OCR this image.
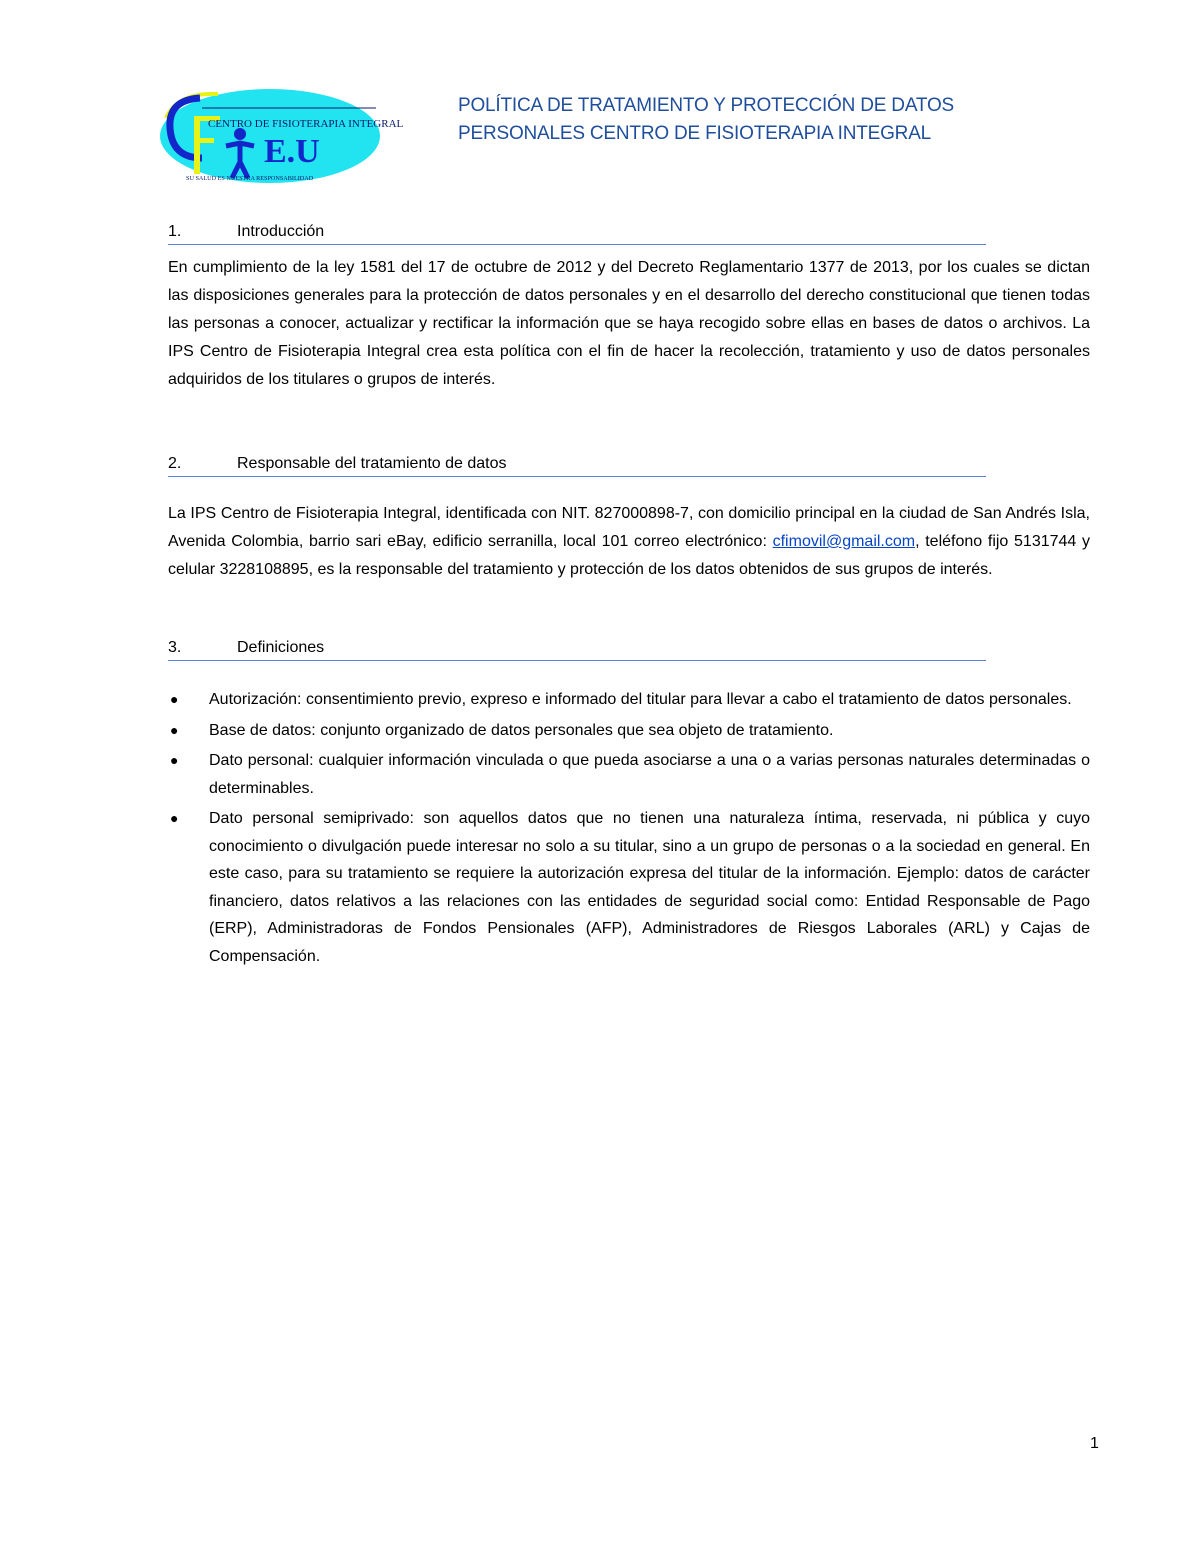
CENTRO DE FISIOTERAPIA INTEGRAL
E.U
SU SALUD ES NUESTRA RESPONSABILIDAD
POLÍTICA DE TRATAMIENTO Y PROTECCIÓN DE DATOS
PERSONALES CENTRO DE FISIOTERAPIA INTEGRAL
1.	Introducción

En cumplimiento de la ley 1581 del 17 de octubre de 2012 y del Decreto Reglamentario 1377 de 2013, por los cuales se dictan las disposiciones generales para la protección de datos personales y en el desarrollo del derecho constitucional que tienen todas las personas a conocer, actualizar y rectificar la información que se haya recogido sobre ellas en bases de datos o archivos. La IPS Centro de Fisioterapia Integral crea esta política con el fin de hacer la recolección, tratamiento y uso de datos personales adquiridos de los titulares o grupos de interés.

2.	Responsable del tratamiento de datos

La IPS Centro de Fisioterapia Integral, identificada con NIT. 827000898-7, con domicilio principal en la ciudad de San Andrés Isla, Avenida Colombia, barrio sari eBay, edificio serranilla, local 101 correo electrónico: cfimovil@gmail.com, teléfono fijo 5131744 y celular 3228108895, es la responsable del tratamiento y protección de los datos obtenidos de sus grupos de interés.

3.	Definiciones
● Autorización: consentimiento previo, expreso e informado del titular para llevar a cabo el tratamiento de datos personales.
● Base de datos: conjunto organizado de datos personales que sea objeto de tratamiento.
● Dato personal: cualquier información vinculada o que pueda asociarse a una o a varias personas naturales determinadas o determinables.
● Dato personal semiprivado: son aquellos datos que no tienen una naturaleza íntima, reservada, ni pública y cuyo conocimiento o divulgación puede interesar no solo a su titular, sino a un grupo de personas o a la sociedad en general. En este caso, para su tratamiento se requiere la autorización expresa del titular de la información. Ejemplo: datos de carácter financiero, datos relativos a las relaciones con las entidades de seguridad social como: Entidad Responsable de Pago (ERP), Administradoras de Fondos Pensionales (AFP), Administradores de Riesgos Laborales (ARL) y Cajas de Compensación.
1
